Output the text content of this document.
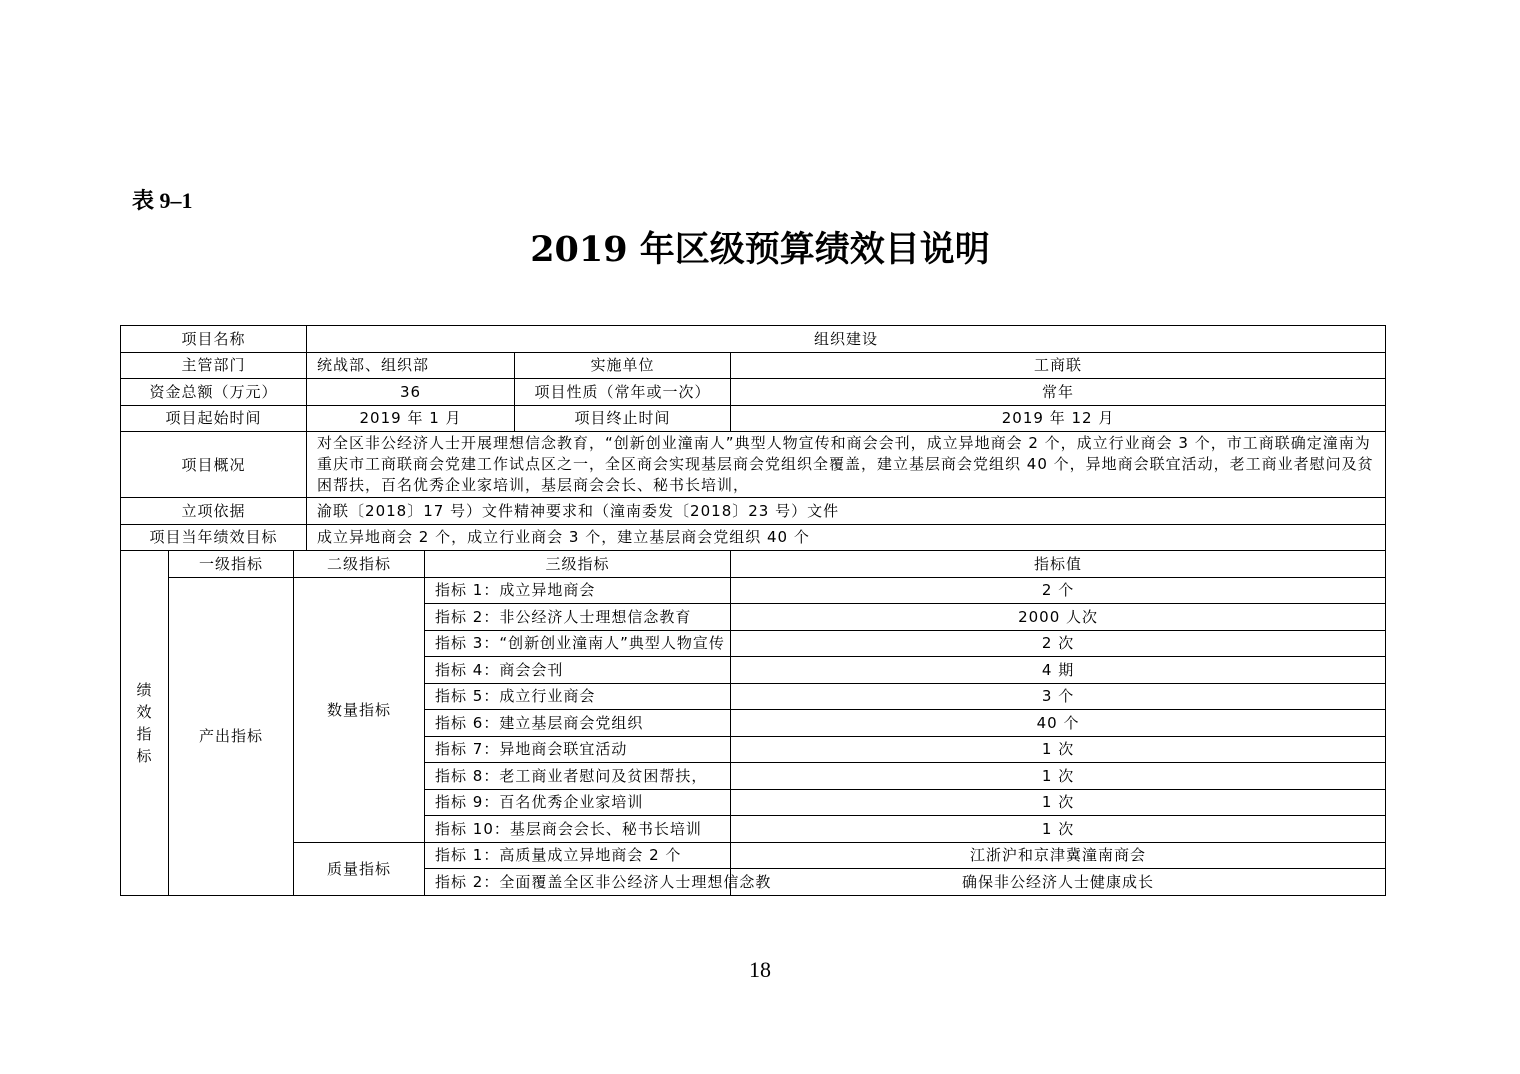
表 9–1
2019 年区级预算绩效目说明
项目名称			组织建设			
主管部门			统战部、组织部		实施单位	工商联
资金总额（万元）			36		项目性质（常年或一次）	常年
项目起始时间			2019 年 1 月		项目终止时间	2019 年 12 月
项目概况			对全区非公经济人士开展理想信念教育，“创新创业潼南人”典型人物宣传和商会会刊，成立异地商会 2 个，成立行业商会 3 个，市工商联确定潼南为重庆市工商联商会党建工作试点区之一，全区商会实现基层商会党组织全覆盖，建立基层商会党组织 40 个，异地商会联宜活动，老工商业者慰问及贫困帮扶，百名优秀企业家培训，基层商会会长、秘书长培训，			
立项依据			渝联〔2018〕17 号）文件精神要求和（潼南委发〔2018〕23 号）文件			
项目当年绩效目标			成立异地商会 2 个，成立行业商会 3 个，建立基层商会党组织 40 个			
绩效指标	一级指标	二级指标		三级指标		指标值
	产出指标	数量指标		指标 1：成立异地商会		2 个
				指标 2：非公经济人士理想信念教育		2000 人次
				指标 3：“创新创业潼南人”典型人物宣传		2 次
				指标 4：商会会刊		4 期
				指标 5：成立行业商会		3 个
				指标 6：建立基层商会党组织		40 个
				指标 7：异地商会联宜活动		1 次
				指标 8：老工商业者慰问及贫困帮扶，		1 次
				指标 9：百名优秀企业家培训		1 次
				指标 10：基层商会会长、秘书长培训		1 次
		质量指标		指标 1：高质量成立异地商会 2 个		江浙沪和京津冀潼南商会
				指标 2：全面覆盖全区非公经济人士理想信念教		确保非公经济人士健康成长
18
